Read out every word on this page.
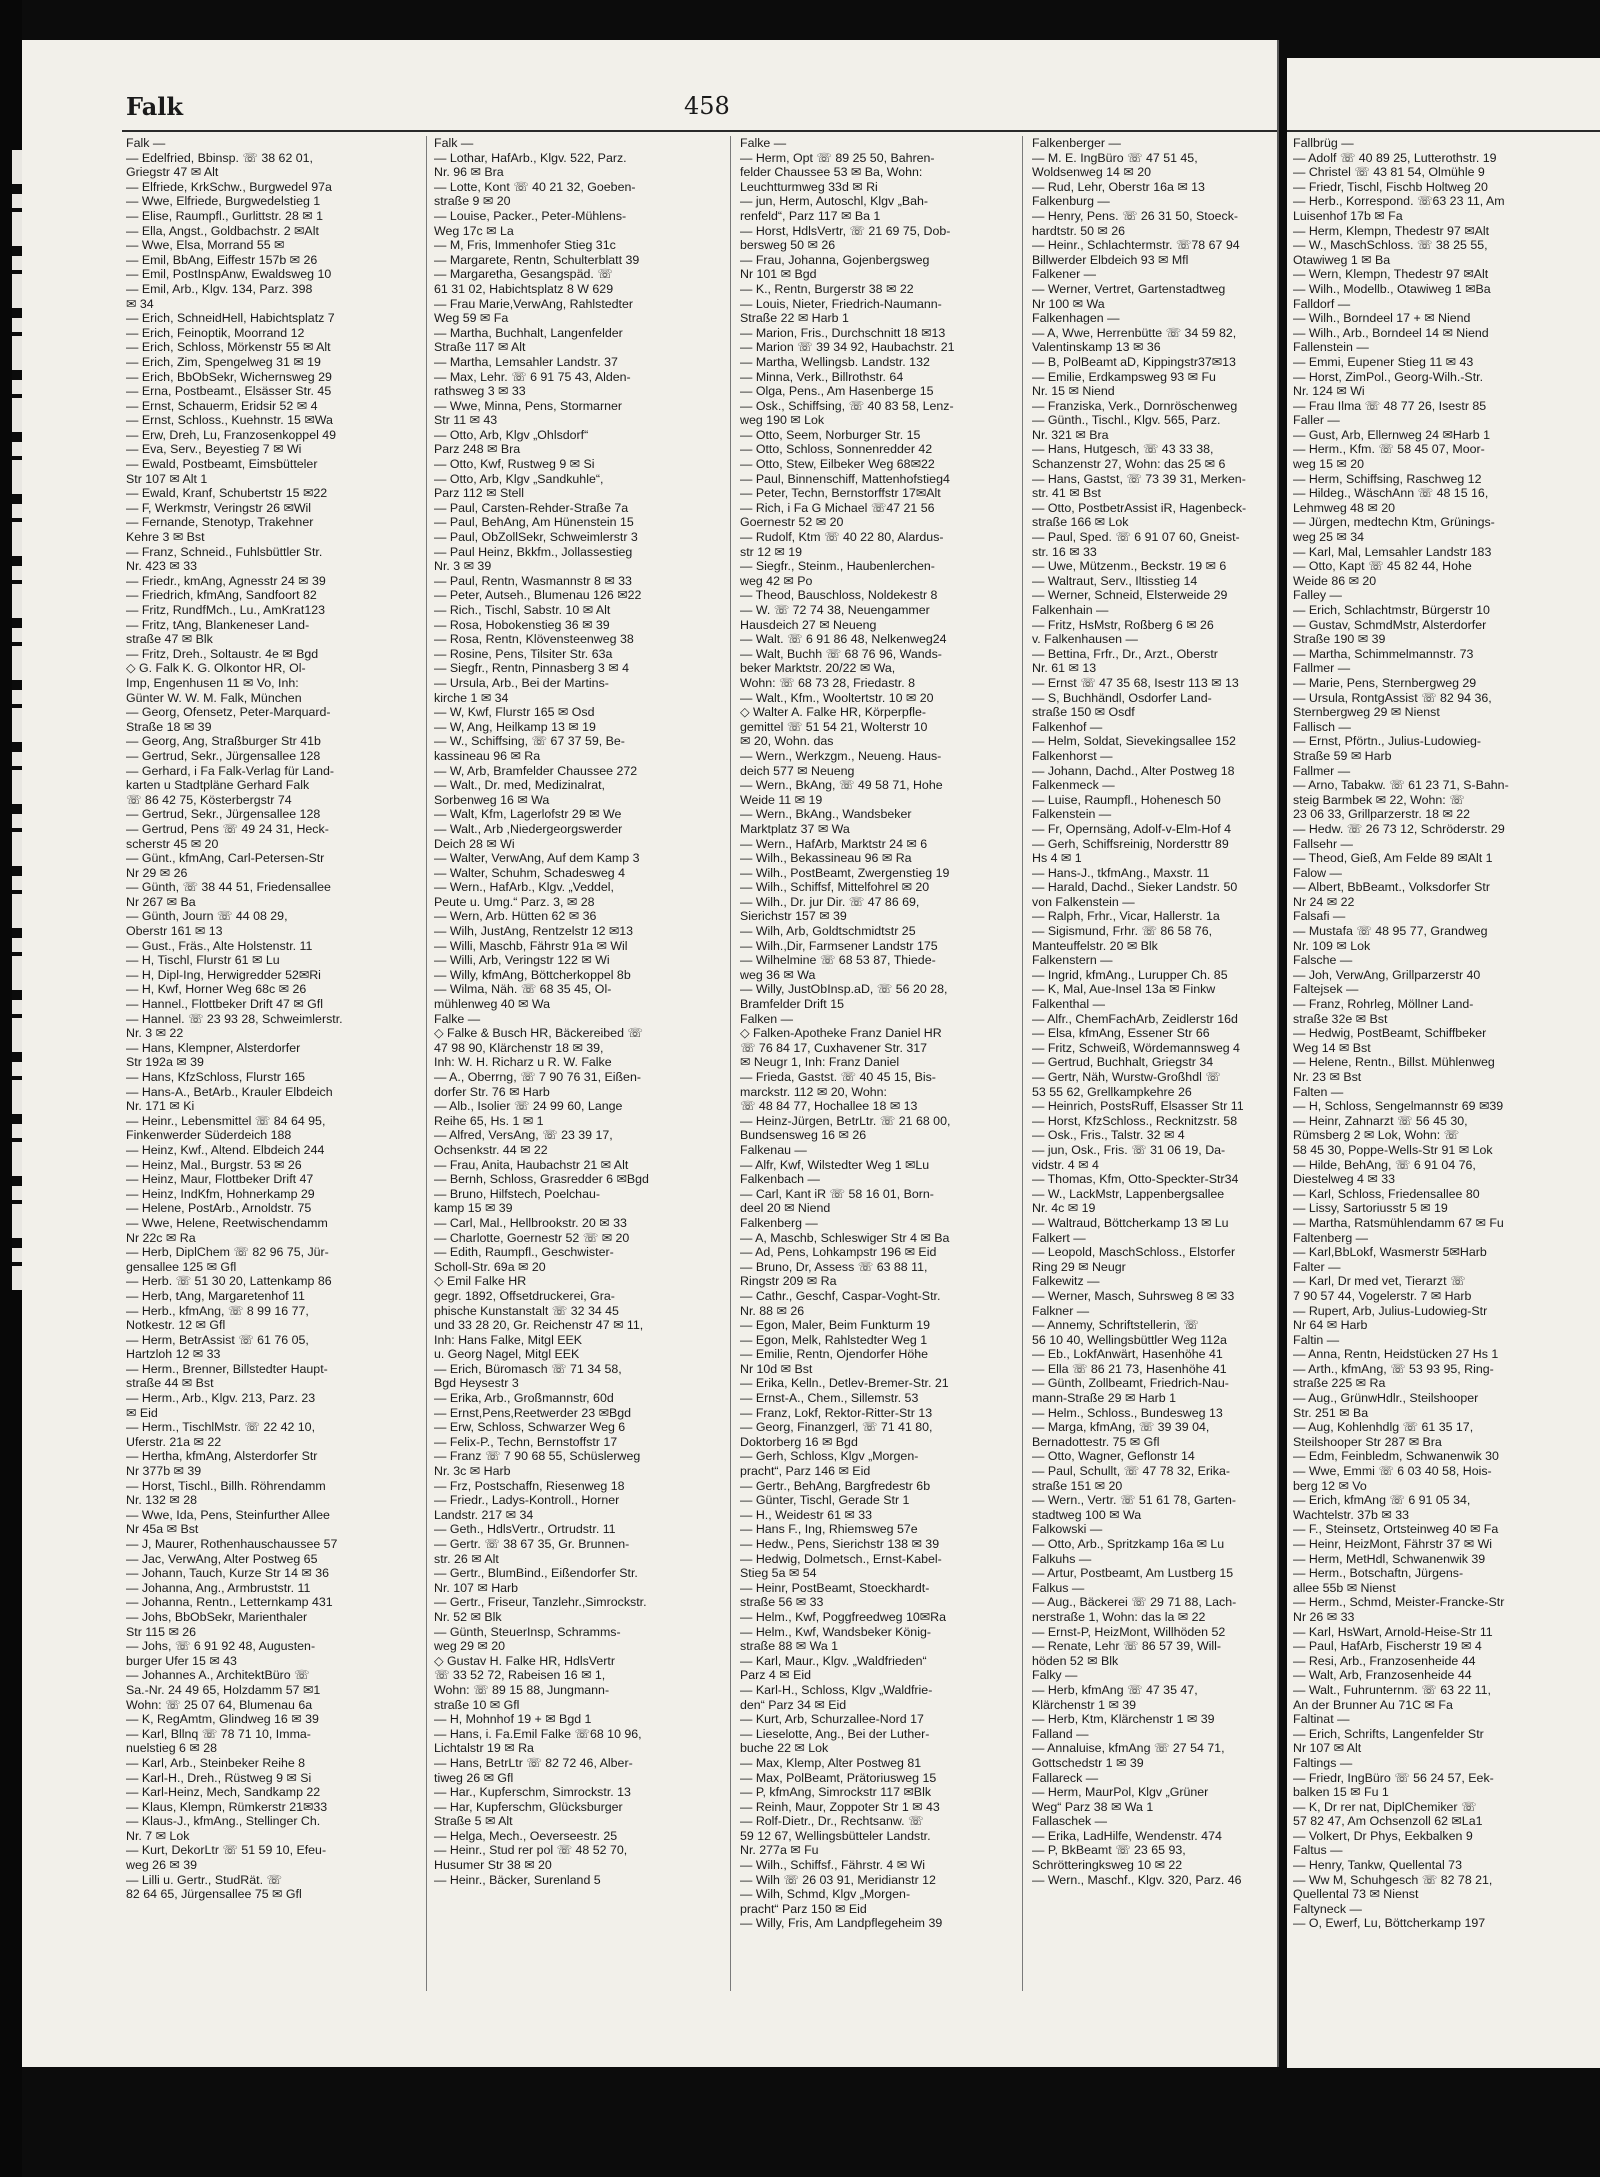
Falk	458
Falk —
— Edelfried, Bbinsp. ☏ 38 62 01,
Griegstr 47 ✉ Alt
— Elfriede, KrkSchw., Burgwedel 97a
— Wwe, Elfriede, Burgwedelstieg 1
— Elise, Raumpfl., Gurlittstr. 28 ✉ 1
— Ella, Angst., Goldbachstr. 2 ✉Alt
— Wwe, Elsa, Morrand 55 ✉
— Emil, BbAng, Eiffestr 157b ✉ 26
— Emil, PostInspAnw, Ewaldsweg 10
— Emil, Arb., Klgv. 134, Parz. 398
✉ 34
— Erich, SchneidHell, Habichtsplatz 7
— Erich, Feinoptik, Moorrand 12
— Erich, Schloss, Mörkenstr 55 ✉ Alt
— Erich, Zim, Spengelweg 31 ✉ 19
— Erich, BbObSekr, Wichernsweg 29
— Erna, Postbeamt., Elsässer Str. 45
— Ernst, Schauerm, Eridsir 52 ✉ 4
— Ernst, Schloss., Kuehnstr. 15 ✉Wa
— Erw, Dreh, Lu, Franzosenkoppel 49
— Eva, Serv., Beyestieg 7 ✉ Wi
— Ewald, Postbeamt, Eimsbütteler
Str 107 ✉ Alt 1
— Ewald, Kranf, Schubertstr 15 ✉22
— F, Werkmstr, Veringstr 26 ✉Wil
— Fernande, Stenotyp, Trakehner
Kehre 3 ✉ Bst
— Franz, Schneid., Fuhlsbüttler Str.
Nr. 423 ✉ 33
— Friedr., kmAng, Agnesstr 24 ✉ 39
— Friedrich, kfmAng, Sandfoort 82
— Fritz, RundfMch., Lu., AmKrat123
— Fritz, tAng, Blankeneser Land-
straße 47 ✉ Blk
— Fritz, Dreh., Soltaustr. 4e ✉ Bgd
◇ G. Falk K. G. Olkontor HR, Ol-
Imp, Engenhusen 11 ✉ Vo, Inh:
Günter W. W. M. Falk, München
— Georg, Ofensetz, Peter-Marquard-
Straße 18 ✉ 39
— Georg, Ang, Straßburger Str 41b
— Gertrud, Sekr., Jürgensallee 128
— Gerhard, i Fa Falk-Verlag für Land-
karten u Stadtpläne Gerhard Falk
☏ 86 42 75, Kösterbergstr 74
— Gertrud, Sekr., Jürgensallee 128
— Gertrud, Pens ☏ 49 24 31, Heck-
scherstr 45 ✉ 20
— Günt., kfmAng, Carl-Petersen-Str
Nr 29 ✉ 26
— Günth, ☏ 38 44 51, Friedensallee
Nr 267 ✉ Ba
— Günth, Journ ☏ 44 08 29,
Oberstr 161 ✉ 13
— Gust., Fräs., Alte Holstenstr. 11
— H, Tischl, Flurstr 61 ✉ Lu
— H, Dipl-Ing, Herwigredder 52✉Ri
— H, Kwf, Horner Weg 68c ✉ 26
— Hannel., Flottbeker Drift 47 ✉ Gfl
— Hannel. ☏ 23 93 28, Schweimlerstr.
Nr. 3 ✉ 22
— Hans, Klempner, Alsterdorfer
Str 192a ✉ 39
— Hans, KfzSchloss, Flurstr 165
— Hans-A., BetArb., Krauler Elbdeich
Nr. 171 ✉ Ki
— Heinr., Lebensmittel ☏ 84 64 95,
Finkenwerder Süderdeich 188
— Heinz, Kwf., Altend. Elbdeich 244
— Heinz, Mal., Burgstr. 53 ✉ 26
— Heinz, Maur, Flottbeker Drift 47
— Heinz, IndKfm, Hohnerkamp 29
— Helene, PostArb., Arnoldstr. 75
— Wwe, Helene, Reetwischendamm
Nr 22c ✉ Ra
— Herb, DiplChem ☏ 82 96 75, Jür-
gensallee 125 ✉ Gfl
— Herb. ☏ 51 30 20, Lattenkamp 86
— Herb, tAng, Margaretenhof 11
— Herb., kfmAng, ☏ 8 99 16 77,
Notkestr. 12 ✉ Gfl
— Herm, BetrAssist ☏ 61 76 05,
Hartzloh 12 ✉ 33
— Herm., Brenner, Billstedter Haupt-
straße 44 ✉ Bst
— Herm., Arb., Klgv. 213, Parz. 23
✉ Eid
— Herm., TischlMstr. ☏ 22 42 10,
Uferstr. 21a ✉ 22
— Hertha, kfmAng, Alsterdorfer Str
Nr 377b ✉ 39
— Horst, Tischl., Billh. Röhrendamm
Nr. 132 ✉ 28
— Wwe, Ida, Pens, Steinfurther Allee
Nr 45a ✉ Bst
— J, Maurer, Rothenhauschaussee 57
— Jac, VerwAng, Alter Postweg 65
— Johann, Tauch, Kurze Str 14 ✉ 36
— Johanna, Ang., Armbruststr. 11
— Johanna, Rentn., Letternkamp 431
— Johs, BbObSekr, Marienthaler
Str 115 ✉ 26
— Johs, ☏ 6 91 92 48, Augusten-
burger Ufer 15 ✉ 43
— Johannes A., ArchitektBüro ☏
Sa.-Nr. 24 49 65, Holzdamm 57 ✉1
Wohn: ☏ 25 07 64, Blumenau 6a
— K, RegAmtm, Glindweg 16 ✉ 39
— Karl, Bllnq ☏ 78 71 10, Imma-
nuelstieg 6 ✉ 28
— Karl, Arb., Steinbeker Reihe 8
— Karl-H., Dreh., Rüstweg 9 ✉ Si
— Karl-Heinz, Mech, Sandkamp 22
— Klaus, Klempn, Rümkerstr 21✉33
— Klaus-J., kfmAng., Stellinger Ch.
Nr. 7 ✉ Lok
— Kurt, DekorLtr ☏ 51 59 10, Efeu-
weg 26 ✉ 39
— Lilli u. Gertr., StudRät. ☏
82 64 65, Jürgensallee 75 ✉ Gfl
Falk —
— Lothar, HafArb., Klgv. 522, Parz.
Nr. 96 ✉ Bra
— Lotte, Kont ☏ 40 21 32, Goeben-
straße 9 ✉ 20
— Louise, Packer., Peter-Mühlens-
Weg 17c ✉ La
— M, Fris, Immenhofer Stieg 31c
— Margarete, Rentn, Schulterblatt 39
— Margaretha, Gesangspäd. ☏
61 31 02, Habichtsplatz 8 W 629
— Frau Marie,VerwAng, Rahlstedter
Weg 59 ✉ Fa
— Martha, Buchhalt, Langenfelder
Straße 117 ✉ Alt
— Martha, Lemsahler Landstr. 37
— Max, Lehr. ☏ 6 91 75 43, Alden-
rathsweg 3 ✉ 33
— Wwe, Minna, Pens, Stormarner
Str 11 ✉ 43
— Otto, Arb, Klgv „Ohlsdorf“
Parz 248 ✉ Bra
— Otto, Kwf, Rustweg 9 ✉ Si
— Otto, Arb, Klgv „Sandkuhle“,
Parz 112 ✉ Stell
— Paul, Carsten-Rehder-Straße 7a
— Paul, BehAng, Am Hünenstein 15
— Paul, ObZollSekr, Schweimlerstr 3
— Paul Heinz, Bkkfm., Jollassestieg
Nr. 3 ✉ 39
— Paul, Rentn, Wasmannstr 8 ✉ 33
— Peter, Autseh., Blumenau 126 ✉22
— Rich., Tischl, Sabstr. 10 ✉ Alt
— Rosa, Hobokenstieg 36 ✉ 39
— Rosa, Rentn, Klövensteenweg 38
— Rosine, Pens, Tilsiter Str. 63a
— Siegfr., Rentn, Pinnasberg 3 ✉ 4
— Ursula, Arb., Bei der Martins-
kirche 1 ✉ 34
— W, Kwf, Flurstr 165 ✉ Osd
— W, Ang, Heilkamp 13 ✉ 19
— W., Schiffsing, ☏ 67 37 59, Be-
kassineau 96 ✉ Ra
— W, Arb, Bramfelder Chaussee 272
— Walt., Dr. med, Medizinalrat,
Sorbenweg 16 ✉ Wa
— Walt, Kfm, Lagerlofstr 29 ✉ We
— Walt., Arb ,Niedergeorgswerder
Deich 28 ✉ Wi
— Walter, VerwAng, Auf dem Kamp 3
— Walter, Schuhm, Schadesweg 4
— Wern., HafArb., Klgv. „Veddel,
Peute u. Umg.“ Parz. 3, ✉ 28
— Wern, Arb. Hütten 62 ✉ 36
— Wilh, JustAng, Rentzelstr 12 ✉13
— Willi, Maschb, Fährstr 91a ✉ Wil
— Willi, Arb, Veringstr 122 ✉ Wi
— Willy, kfmAng, Böttcherkoppel 8b
— Wilma, Näh. ☏ 68 35 45, Ol-
mühlenweg 40 ✉ Wa
Falke —
◇ Falke & Busch HR, Bäckereibed ☏
47 98 90, Klärchenstr 18 ✉ 39,
Inh: W. H. Richarz u R. W. Falke
— A., Oberrng, ☏ 7 90 76 31, Eißen-
dorfer Str. 76 ✉ Harb
— Alb., Isolier ☏ 24 99 60, Lange
Reihe 65, Hs. 1 ✉ 1
— Alfred, VersAng, ☏ 23 39 17,
Ochsenkstr. 44 ✉ 22
— Frau, Anita, Haubachstr 21 ✉ Alt
— Bernh, Schloss, Grasredder 6 ✉Bgd
— Bruno, Hilfstech, Poelchau-
kamp 15 ✉ 39
— Carl, Mal., Hellbrookstr. 20 ✉ 33
— Charlotte, Goernestr 52 ☏ ✉ 20
— Edith, Raumpfl., Geschwister-
Scholl-Str. 69a ✉ 20
◇ Emil Falke HR
gegr. 1892, Offsetdruckerei, Gra-
phische Kunstanstalt ☏ 32 34 45
und 33 28 20, Gr. Reichenstr 47 ✉ 11,
Inh: Hans Falke, Mitgl EEK
u. Georg Nagel, Mitgl EEK
— Erich, Büromasch ☏ 71 34 58,
Bgd Heysestr 3
— Erika, Arb., Großmannstr, 60d
— Ernst,Pens,Reetwerder 23 ✉Bgd
— Erw, Schloss, Schwarzer Weg 6
— Felix-P., Techn, Bernstoffstr 17
— Franz ☏ 7 90 68 55, Schüslerweg
Nr. 3c ✉ Harb
— Frz, Postschaffn, Riesenweg 18
— Friedr., Ladys-Kontroll., Horner
Landstr. 217 ✉ 34
— Geth., HdlsVertr., Ortrudstr. 11
— Gertr. ☏ 38 67 35, Gr. Brunnen-
str. 26 ✉ Alt
— Gertr., BlumBind., Eißendorfer Str.
Nr. 107 ✉ Harb
— Gertr., Friseur, Tanzlehr.,Simrockstr.
Nr. 52 ✉ Blk
— Günth, SteuerInsp, Schramms-
weg 29 ✉ 20
◇ Gustav H. Falke HR, HdlsVertr
☏ 33 52 72, Rabeisen 16 ✉ 1,
Wohn: ☏ 89 15 88, Jungmann-
straße 10 ✉ Gfl
— H, Mohnhof 19 + ✉ Bgd 1
— Hans, i. Fa.Emil Falke ☏68 10 96,
Lichtalstr 19 ✉ Ra
— Hans, BetrLtr ☏ 82 72 46, Alber-
tiweg 26 ✉ Gfl
— Har., Kupferschm, Simrockstr. 13
— Har, Kupferschm, Glücksburger
Straße 5 ✉ Alt
— Helga, Mech., Oeverseestr. 25
— Heinr., Stud rer pol ☏ 48 52 70,
Husumer Str 38 ✉ 20
— Heinr., Bäcker, Surenland 5
Falke —
— Herm, Opt ☏ 89 25 50, Bahren-
felder Chaussee 53 ✉ Ba, Wohn:
Leuchtturmweg 33d ✉ Ri
— jun, Herm, Autoschl, Klgv „Bah-
renfeld“, Parz 117 ✉ Ba 1
— Horst, HdlsVertr, ☏ 21 69 75, Dob-
bersweg 50 ✉ 26
— Frau, Johanna, Gojenbergsweg
Nr 101 ✉ Bgd
— K., Rentn, Burgerstr 38 ✉ 22
— Louis, Nieter, Friedrich-Naumann-
Straße 22 ✉ Harb 1
— Marion, Fris., Durchschnitt 18 ✉13
— Marion ☏ 39 34 92, Haubachstr. 21
— Martha, Wellingsb. Landstr. 132
— Minna, Verk., Billrothstr. 64
— Olga, Pens., Am Hasenberge 15
— Osk., Schiffsing, ☏ 40 83 58, Lenz-
weg 190 ✉ Lok
— Otto, Seem, Norburger Str. 15
— Otto, Schloss, Sonnenredder 42
— Otto, Stew, Eilbeker Weg 68✉22
— Paul, Binnenschiff, Mattenhofstieg4
— Peter, Techn, Bernstorffstr 17✉Alt
— Rich, i Fa G Michael ☏47 21 56
Goernestr 52 ✉ 20
— Rudolf, Ktm ☏ 40 22 80, Alardus-
str 12 ✉ 19
— Siegfr., Steinm., Haubenlerchen-
weg 42 ✉ Po
— Theod, Bauschloss, Noldekestr 8
— W. ☏ 72 74 38, Neuengammer
Hausdeich 27 ✉ Neueng
— Walt. ☏ 6 91 86 48, Nelkenweg24
— Walt, Buchh ☏ 68 76 96, Wands-
beker Marktstr. 20/22 ✉ Wa,
Wohn: ☏ 68 73 28, Friedastr. 8
— Walt., Kfm., Wooltertstr. 10 ✉ 20
◇ Walter A. Falke HR, Körperpfle-
gemittel ☏ 51 54 21, Wolterstr 10
✉ 20, Wohn. das
— Wern., Werkzgm., Neueng. Haus-
deich 577 ✉ Neueng
— Wern., BkAng, ☏ 49 58 71, Hohe
Weide 11 ✉ 19
— Wern., BkAng., Wandsbeker
Marktplatz 37 ✉ Wa
— Wern., HafArb, Marktstr 24 ✉ 6
— Wilh., Bekassineau 96 ✉ Ra
— Wilh., PostBeamt, Zwergenstieg 19
— Wilh., Schiffsf, Mittelfohrel ✉ 20
— Wilh., Dr. jur Dir. ☏ 47 86 69,
Sierichstr 157 ✉ 39
— Wilh, Arb, Goldtschmidtstr 25
— Wilh.,Dir, Farmsener Landstr 175
— Wilhelmine ☏ 68 53 87, Thiede-
weg 36 ✉ Wa
— Willy, JustObInsp.aD, ☏ 56 20 28,
Bramfelder Drift 15
Falken —
◇ Falken-Apotheke Franz Daniel HR
☏ 76 84 17, Cuxhavener Str. 317
✉ Neugr 1, Inh: Franz Daniel
— Frieda, Gastst. ☏ 40 45 15, Bis-
marckstr. 112 ✉ 20, Wohn:
☏ 48 84 77, Hochallee 18 ✉ 13
— Heinz-Jürgen, BetrLtr. ☏ 21 68 00,
Bundsensweg 16 ✉ 26
Falkenau —
— Alfr, Kwf, Wilstedter Weg 1 ✉Lu
Falkenbach —
— Carl, Kant iR ☏ 58 16 01, Born-
deel 20 ✉ Niend
Falkenberg —
— A, Maschb, Schleswiger Str 4 ✉ Ba
— Ad, Pens, Lohkampstr 196 ✉ Eid
— Bruno, Dr, Assess ☏ 63 88 11,
Ringstr 209 ✉ Ra
— Cathr., Geschf, Caspar-Voght-Str.
Nr. 88 ✉ 26
— Egon, Maler, Beim Funkturm 19
— Egon, Melk, Rahlstedter Weg 1
— Emilie, Rentn, Ojendorfer Höhe
Nr 10d ✉ Bst
— Erika, Kelln., Detlev-Bremer-Str. 21
— Ernst-A., Chem., Sillemstr. 53
— Franz, Lokf, Rektor-Ritter-Str 13
— Georg, Finanzgerl, ☏ 71 41 80,
Doktorberg 16 ✉ Bgd
— Gerh, Schloss, Klgv „Morgen-
pracht“, Parz 146 ✉ Eid
— Gertr., BehAng, Bargfredestr 6b
— Günter, Tischl, Gerade Str 1
— H., Weidestr 61 ✉ 33
— Hans F., Ing, Rhiemsweg 57e
— Hedw., Pens, Sierichstr 138 ✉ 39
— Hedwig, Dolmetsch., Ernst-Kabel-
Stieg 5a ✉ 54
— Heinr, PostBeamt, Stoeckhardt-
straße 56 ✉ 33
— Helm., Kwf, Poggfreedweg 10✉Ra
— Helm., Kwf, Wandsbeker König-
straße 88 ✉ Wa 1
— Karl, Maur., Klgv. „Waldfrieden“
Parz 4 ✉ Eid
— Karl-H., Schloss, Klgv „Waldfrie-
den“ Parz 34 ✉ Eid
— Kurt, Arb, Schurzallee-Nord 17
— Lieselotte, Ang., Bei der Luther-
buche 22 ✉ Lok
— Max, Klemp, Alter Postweg 81
— Max, PolBeamt, Prätoriusweg 15
— P, kfmAng, Simrockstr 117 ✉Blk
— Reinh, Maur, Zoppoter Str 1 ✉ 43
— Rolf-Dietr., Dr., Rechtsanw. ☏
59 12 67, Wellingsbütteler Landstr.
Nr. 277a ✉ Fu
— Wilh., Schiffsf., Fährstr. 4 ✉ Wi
— Wilh ☏ 26 03 91, Meridianstr 12
— Wilh, Schmd, Klgv „Morgen-
pracht“ Parz 150 ✉ Eid
— Willy, Fris, Am Landpflegeheim 39
Falkenberger —
— M. E. IngBüro ☏ 47 51 45,
Woldsenweg 14 ✉ 20
— Rud, Lehr, Oberstr 16a ✉ 13
Falkenburg —
— Henry, Pens. ☏ 26 31 50, Stoeck-
hardtstr. 50 ✉ 26
— Heinr., Schlachtermstr. ☏78 67 94
Billwerder Elbdeich 93 ✉ Mfl
Falkener —
— Werner, Vertret, Gartenstadtweg
Nr 100 ✉ Wa
Falkenhagen —
— A, Wwe, Herrenbütte ☏ 34 59 82,
Valentinskamp 13 ✉ 36
— B, PolBeamt aD, Kippingstr37✉13
— Emilie, Erdkampsweg 93 ✉ Fu
Nr. 15 ✉ Niend
— Franziska, Verk., Dornröschenweg
— Günth., Tischl., Klgv. 565, Parz.
Nr. 321 ✉ Bra
— Hans, Hutgesch, ☏ 43 33 38,
Schanzenstr 27, Wohn: das 25 ✉ 6
— Hans, Gastst, ☏ 73 39 31, Merken-
str. 41 ✉ Bst
— Otto, PostbetrAssist iR, Hagenbeck-
straße 166 ✉ Lok
— Paul, Sped. ☏ 6 91 07 60, Gneist-
str. 16 ✉ 33
— Uwe, Mützenm., Beckstr. 19 ✉ 6
— Waltraut, Serv., Iltisstieg 14
— Werner, Schneid, Elsterweide 29
Falkenhain —
— Fritz, HsMstr, Roßberg 6 ✉ 26
v. Falkenhausen —
— Bettina, Frfr., Dr., Arzt., Oberstr
Nr. 61 ✉ 13
— Ernst ☏ 47 35 68, Isestr 113 ✉ 13
— S, Buchhändl, Osdorfer Land-
straße 150 ✉ Osdf
Falkenhof —
— Helm, Soldat, Sievekingsallee 152
Falkenhorst —
— Johann, Dachd., Alter Postweg 18
Falkenmeck —
— Luise, Raumpfl., Hohenesch 50
Falkenstein —
— Fr, Opernsäng, Adolf-v-Elm-Hof 4
— Gerh, Schiffsreinig, Nordersttr 89
Hs 4 ✉ 1
— Hans-J., tkfmAng., Maxstr. 11
— Harald, Dachd., Sieker Landstr. 50
von Falkenstein —
— Ralph, Frhr., Vicar, Hallerstr. 1a
— Sigismund, Frhr. ☏ 86 58 76,
Manteuffelstr. 20 ✉ Blk
Falkenstern —
— Ingrid, kfmAng., Lurupper Ch. 85
— K, Mal, Aue-Insel 13a ✉ Finkw
Falkenthal —
— Alfr., ChemFachArb, Zeidlerstr 16d
— Elsa, kfmAng, Essener Str 66
— Fritz, Schweiß, Wördemannsweg 4
— Gertrud, Buchhalt, Griegstr 34
— Gertr, Näh, Wurstw-Großhdl ☏
53 55 62, Grellkampkehre 26
— Heinrich, PostsRuff, Elsasser Str 11
— Horst, KfzSchloss., Recknitzstr. 58
— Osk., Fris., Talstr. 32 ✉ 4
— jun, Osk., Fris. ☏ 31 06 19, Da-
vidstr. 4 ✉ 4
— Thomas, Kfm, Otto-Speckter-Str34
— W., LackMstr, Lappenbergsallee
Nr. 4c ✉ 19
— Waltraud, Böttcherkamp 13 ✉ Lu
Falkert —
— Leopold, MaschSchloss., Elstorfer
Ring 29 ✉ Neugr
Falkewitz —
— Werner, Masch, Suhrsweg 8 ✉ 33
Falkner —
— Annemy, Schriftstellerin, ☏
56 10 40, Wellingsbüttler Weg 112a
— Eb., LokfAnwärt, Hasenhöhe 41
— Ella ☏ 86 21 73, Hasenhöhe 41
— Günth, Zollbeamt, Friedrich-Nau-
mann-Straße 29 ✉ Harb 1
— Helm., Schloss., Bundesweg 13
— Marga, kfmAng, ☏ 39 39 04,
Bernadottestr. 75 ✉ Gfl
— Otto, Wagner, Geflonstr 14
— Paul, Schullt, ☏ 47 78 32, Erika-
straße 151 ✉ 20
— Wern., Vertr. ☏ 51 61 78, Garten-
stadtweg 100 ✉ Wa
Falkowski —
— Otto, Arb., Spritzkamp 16a ✉ Lu
Falkuhs —
— Artur, Postbeamt, Am Lustberg 15
Falkus —
— Aug., Bäckerei ☏ 29 71 88, Lach-
nerstraße 1, Wohn: das la ✉ 22
— Ernst-P, HeizMont, Willhöden 52
— Renate, Lehr ☏ 86 57 39, Will-
höden 52 ✉ Blk
Falky —
— Herb, kfmAng ☏ 47 35 47,
Klärchenstr 1 ✉ 39
— Herb, Ktm, Klärchenstr 1 ✉ 39
Falland —
— Annaluise, kfmAng ☏ 27 54 71,
Gottschedstr 1 ✉ 39
Fallareck —
— Herm, MaurPol, Klgv „Grüner
Weg“ Parz 38 ✉ Wa 1
Fallaschek —
— Erika, LadHilfe, Wendenstr. 474
— P, BkBeamt ☏ 23 65 93,
Schrötteringksweg 10 ✉ 22
— Wern., Maschf., Klgv. 320, Parz. 46
Fallbrüg —
— Adolf ☏ 40 89 25, Lutterothstr. 19
— Christel ☏ 43 81 54, Olmühle 9
— Friedr, Tischl, Fischb Holtweg 20
— Herb., Korrespond. ☏63 23 11, Am
Luisenhof 17b ✉ Fa
— Herm, Klempn, Thedestr 97 ✉Alt
— W., MaschSchloss. ☏ 38 25 55,
Otawiweg 1 ✉ Ba
— Wern, Klempn, Thedestr 97 ✉Alt
— Wilh., Modellb., Otawiweg 1 ✉Ba
Falldorf —
— Wilh., Borndeel 17 + ✉ Niend
— Wilh., Arb., Borndeel 14 ✉ Niend
Fallenstein —
— Emmi, Eupener Stieg 11 ✉ 43
— Horst, ZimPol., Georg-Wilh.-Str.
Nr. 124 ✉ Wi
— Frau Ilma ☏ 48 77 26, Isestr 85
Faller —
— Gust, Arb, Ellernweg 24 ✉Harb 1
— Herm., Kfm. ☏ 58 45 07, Moor-
weg 15 ✉ 20
— Herm, Schiffsing, Raschweg 12
— Hildeg., WäschAnn ☏ 48 15 16,
Lehmweg 48 ✉ 20
— Jürgen, medtechn Ktm, Grünings-
weg 25 ✉ 34
— Karl, Mal, Lemsahler Landstr 183
— Otto, Kapt ☏ 45 82 44, Hohe
Weide 86 ✉ 20
Falley —
— Erich, Schlachtmstr, Bürgerstr 10
— Gustav, SchmdMstr, Alsterdorfer
Straße 190 ✉ 39
— Martha, Schimmelmannstr. 73
Fallmer —
— Marie, Pens, Sternbergweg 29
— Ursula, RontgAssist ☏ 82 94 36,
Sternbergweg 29 ✉ Nienst
Fallisch —
— Ernst, Pförtn., Julius-Ludowieg-
Straße 59 ✉ Harb
Fallmer —
— Arno, Tabakw. ☏ 61 23 71, S-Bahn-
steig Barmbek ✉ 22, Wohn: ☏
23 06 33, Grillparzerstr. 18 ✉ 22
— Hedw. ☏ 26 73 12, Schröderstr. 29
Fallsehr —
— Theod, Gieß, Am Felde 89 ✉Alt 1
Falow —
— Albert, BbBeamt., Volksdorfer Str
Nr 24 ✉ 22
Falsafi —
— Mustafa ☏ 48 95 77, Grandweg
Nr. 109 ✉ Lok
Falsche —
— Joh, VerwAng, Grillparzerstr 40
Faltejsek —
— Franz, Rohrleg, Möllner Land-
straße 32e ✉ Bst
— Hedwig, PostBeamt, Schiffbeker
Weg 14 ✉ Bst
— Helene, Rentn., Billst. Mühlenweg
Nr. 23 ✉ Bst
Falten —
— H, Schloss, Sengelmannstr 69 ✉39
— Heinr, Zahnarzt ☏ 56 45 30,
Rümsberg 2 ✉ Lok, Wohn: ☏
58 45 30, Poppe-Wells-Str 91 ✉ Lok
— Hilde, BehAng, ☏ 6 91 04 76,
Diestelweg 4 ✉ 33
— Karl, Schloss, Friedensallee 80
— Lissy, Sartoriusstr 5 ✉ 19
— Martha, Ratsmühlendamm 67 ✉ Fu
Faltenberg —
— Karl,BbLokf, Wasmerstr 5✉Harb
Falter —
— Karl, Dr med vet, Tierarzt ☏
7 90 57 44, Vogelerstr. 7 ✉ Harb
— Rupert, Arb, Julius-Ludowieg-Str
Nr 64 ✉ Harb
Faltin —
— Anna, Rentn, Heidstücken 27 Hs 1
— Arth., kfmAng, ☏ 53 93 95, Ring-
straße 225 ✉ Ra
— Aug., GrünwHdlr., Steilshooper
Str. 251 ✉ Ba
— Aug, Kohlenhdlg ☏ 61 35 17,
Steilshooper Str 287 ✉ Bra
— Edm, Feinbledm, Schwanenwik 30
— Wwe, Emmi ☏ 6 03 40 58, Hois-
berg 12 ✉ Vo
— Erich, kfmAng ☏ 6 91 05 34,
Wachtelstr. 37b ✉ 33
— F., Steinsetz, Ortsteinweg 40 ✉ Fa
— Heinr, HeizMont, Fährstr 37 ✉ Wi
— Herm, MetHdl, Schwanenwik 39
— Herm., Botschaftn, Jürgens-
allee 55b ✉ Nienst
— Herm., Schmd, Meister-Francke-Str
Nr 26 ✉ 33
— Karl, HsWart, Arnold-Heise-Str 11
— Paul, HafArb, Fischerstr 19 ✉ 4
— Resi, Arb., Franzosenheide 44
— Walt, Arb, Franzosenheide 44
— Walt., Fuhrunternm. ☏ 63 22 11,
An der Brunner Au 71C ✉ Fa
Faltinat —
— Erich, Schrifts, Langenfelder Str
Nr 107 ✉ Alt
Faltings —
— Friedr, IngBüro ☏ 56 24 57, Eek-
balken 15 ✉ Fu 1
— K, Dr rer nat, DiplChemiker ☏
57 82 47, Am Ochsenzoll 62 ✉La1
— Volkert, Dr Phys, Eekbalken 9
Faltus —
— Henry, Tankw, Quellental 73
— Ww M, Schuhgesch ☏ 82 78 21,
Quellental 73 ✉ Nienst
Faltyneck —
— O, Ewerf, Lu, Böttcherkamp 197
